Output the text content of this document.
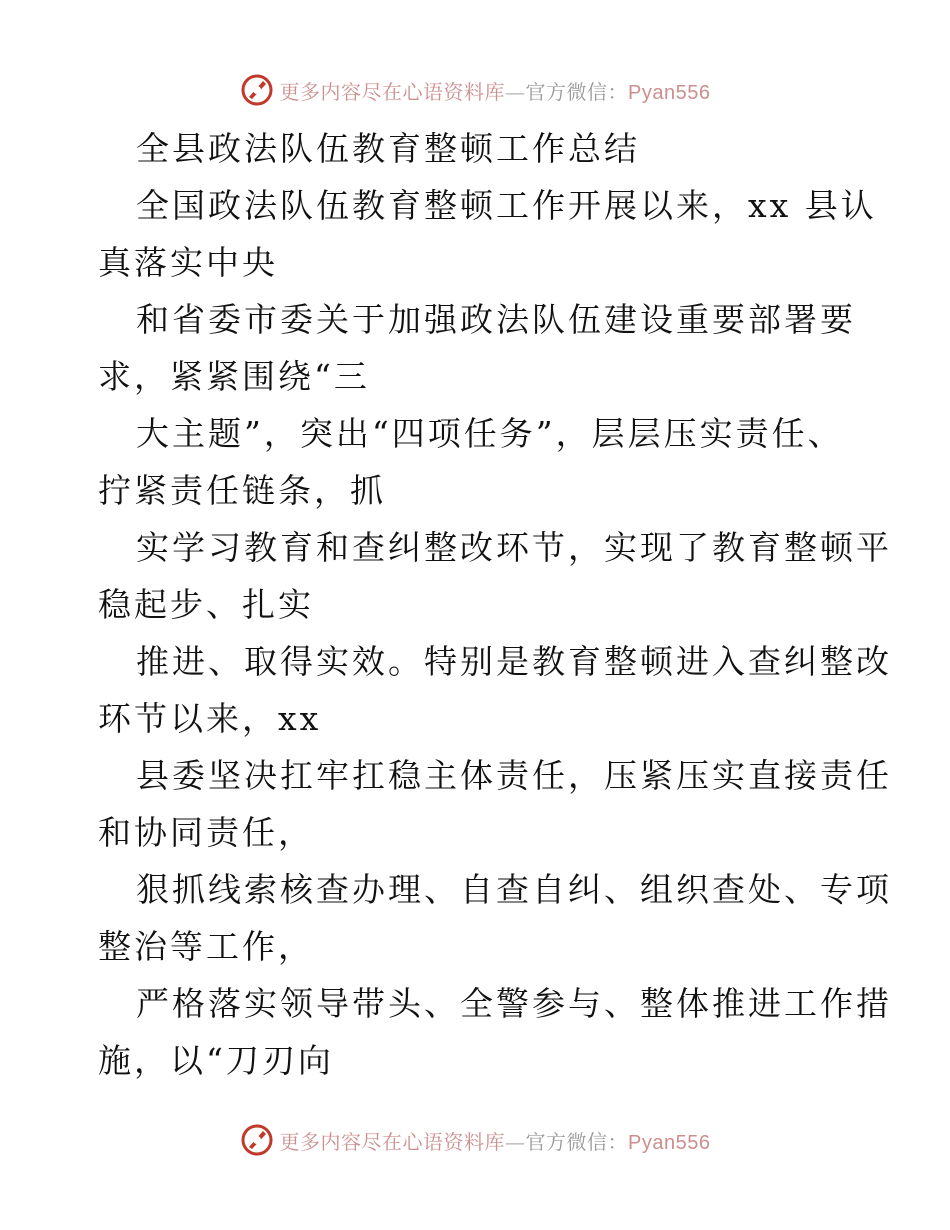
更多内容尽在心语资料库—官方微信：Pyan556
全县政法队伍教育整顿工作总结
全国政法队伍教育整顿工作开展以来，xx 县认
真落实中央
和省委市委关于加强政法队伍建设重要部署要
求，紧紧围绕“三
大主题”，突出“四项任务”，层层压实责任、
拧紧责任链条，抓
实学习教育和查纠整改环节，实现了教育整顿平
稳起步、扎实
推进、取得实效。特别是教育整顿进入查纠整改
环节以来，xx
县委坚决扛牢扛稳主体责任，压紧压实直接责任
和协同责任，
狠抓线索核查办理、自查自纠、组织查处、专项
整治等工作，
严格落实领导带头、全警参与、整体推进工作措
施，以“刀刃向
更多内容尽在心语资料库—官方微信：Pyan556
